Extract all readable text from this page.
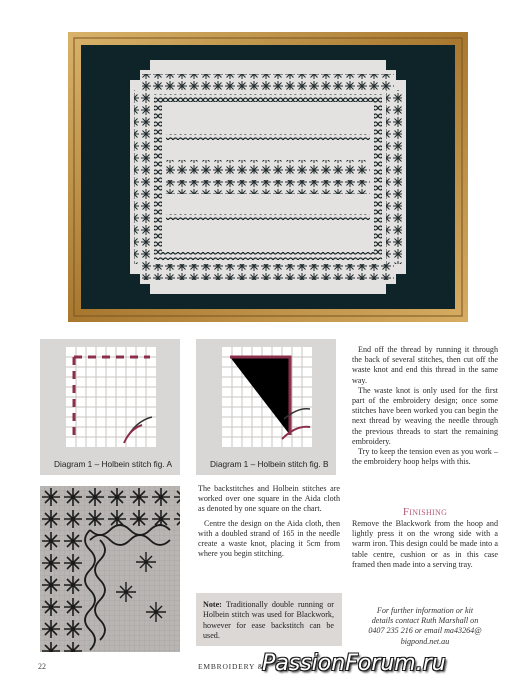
Diagram 1 – Holbein stitch fig. A	Diagram 1 – Holbein stitch fig. B

The backstitches and Holbein stitches are worked over one square in the Aida cloth as denoted by one square on the chart.

Centre the design on the Aida cloth, then with a doubled strand of 165 in the needle create a waste knot, placing it 5cm from where you begin stitching.

Note: Traditionally double running or Holbein stitch was used for Blackwork, however for ease backstitch can be used.

End off the thread by running it through the back of several stitches, then cut off the waste knot and end this thread in the same way.

The waste knot is only used for the first part of the embroidery design; once some stitches have been worked you can begin the next thread by weaving the needle through the previous threads to start the remaining embroidery.

Try to keep the tension even as you work – the embroidery hoop helps with this.

Finishing

Remove the Blackwork from the hoop and lightly press it on the wrong side with a warm iron. This design could be made into a table centre, cushion or as in this case framed then made into a serving tray.

For further information or kit
details contact Ruth Marshall on
0407 235 216 or email ma43264@
bigpond.net.au
22	EMBROIDERY &
PassionForum.ru
